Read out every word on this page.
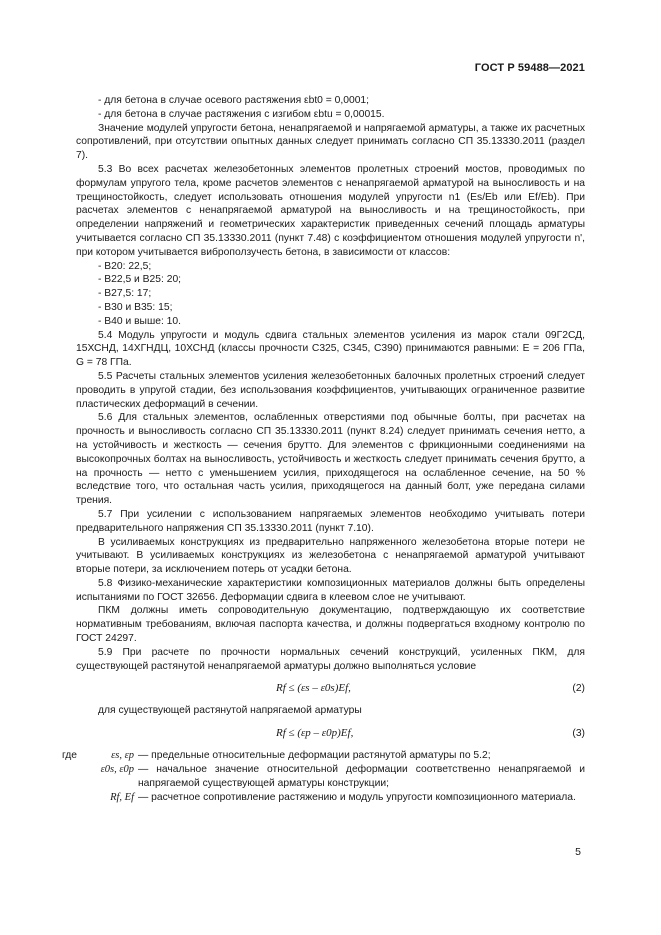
ГОСТ Р 59488—2021

- для бетона в случае осевого растяжения εbt0 = 0,0001;

- для бетона в случае растяжения с изгибом εbtu = 0,00015.

Значение модулей упругости бетона, ненапрягаемой и напрягаемой арматуры, а также их расчетных сопротивлений, при отсутствии опытных данных следует принимать согласно СП 35.13330.2011 (раздел 7).

5.3 Во всех расчетах железобетонных элементов пролетных строений мостов, проводимых по формулам упругого тела, кроме расчетов элементов с ненапрягаемой арматурой на выносливость и на трещиностойкость, следует использовать отношения модулей упругости n1 (Es/Eb или Ef/Eb). При расчетах элементов с ненапрягаемой арматурой на выносливость и на трещиностойкость, при определении напряжений и геометрических характеристик приведенных сечений площадь арматуры учитывается согласно СП 35.13330.2011 (пункт 7.48) с коэффициентом отношения модулей упругости n', при котором учитывается виброползучесть бетона, в зависимости от классов:

- В20: 22,5;

- В22,5 и В25: 20;

- В27,5: 17;

- В30 и В35: 15;

- В40 и выше: 10.

5.4 Модуль упругости и модуль сдвига стальных элементов усиления из марок стали 09Г2СД, 15ХСНД, 14ХГНДЦ, 10ХСНД (классы прочности С325, С345, С390) принимаются равными: E = 206 ГПа, G = 78 ГПа.

5.5 Расчеты стальных элементов усиления железобетонных балочных пролетных строений следует проводить в упругой стадии, без использования коэффициентов, учитывающих ограниченное развитие пластических деформаций в сечении.

5.6 Для стальных элементов, ослабленных отверстиями под обычные болты, при расчетах на прочность и выносливость согласно СП 35.13330.2011 (пункт 8.24) следует принимать сечения нетто, а на устойчивость и жесткость — сечения брутто. Для элементов с фрикционными соединениями на высокопрочных болтах на выносливость, устойчивость и жесткость следует принимать сечения брутто, а на прочность — нетто с уменьшением усилия, приходящегося на ослабленное сечение, на 50 % вследствие того, что остальная часть усилия, приходящегося на данный болт, уже передана силами трения.

5.7 При усилении с использованием напрягаемых элементов необходимо учитывать потери предварительного напряжения СП 35.13330.2011 (пункт 7.10).

В усиливаемых конструкциях из предварительно напряженного железобетона вторые потери не учитывают. В усиливаемых конструкциях из железобетона с ненапрягаемой арматурой учитывают вторые потери, за исключением потерь от усадки бетона.

5.8 Физико-механические характеристики композиционных материалов должны быть определены испытаниями по ГОСТ 32656. Деформации сдвига в клеевом слое не учитывают.

ПКМ должны иметь сопроводительную документацию, подтверждающую их соответствие нормативным требованиям, включая паспорта качества, и должны подвергаться входному контролю по ГОСТ 24297.

5.9 При расчете по прочности нормальных сечений конструкций, усиленных ПКМ, для существующей растянутой ненапрягаемой арматуры должно выполняться условие

Rf ≤ (εs – ε0s)Ef,	(2)

для существующей растянутой напрягаемой арматуры

Rf ≤ (εp – ε0p)Ef,	(3)
где	εs, εp — предельные относительные деформации растянутой арматуры по 5.2;
ε0s, ε0p — начальное значение относительной деформации соответственно ненапрягаемой и напрягаемой существующей арматуры конструкции;
Rf, Ef — расчетное сопротивление растяжению и модуль упругости композиционного материала.
5
